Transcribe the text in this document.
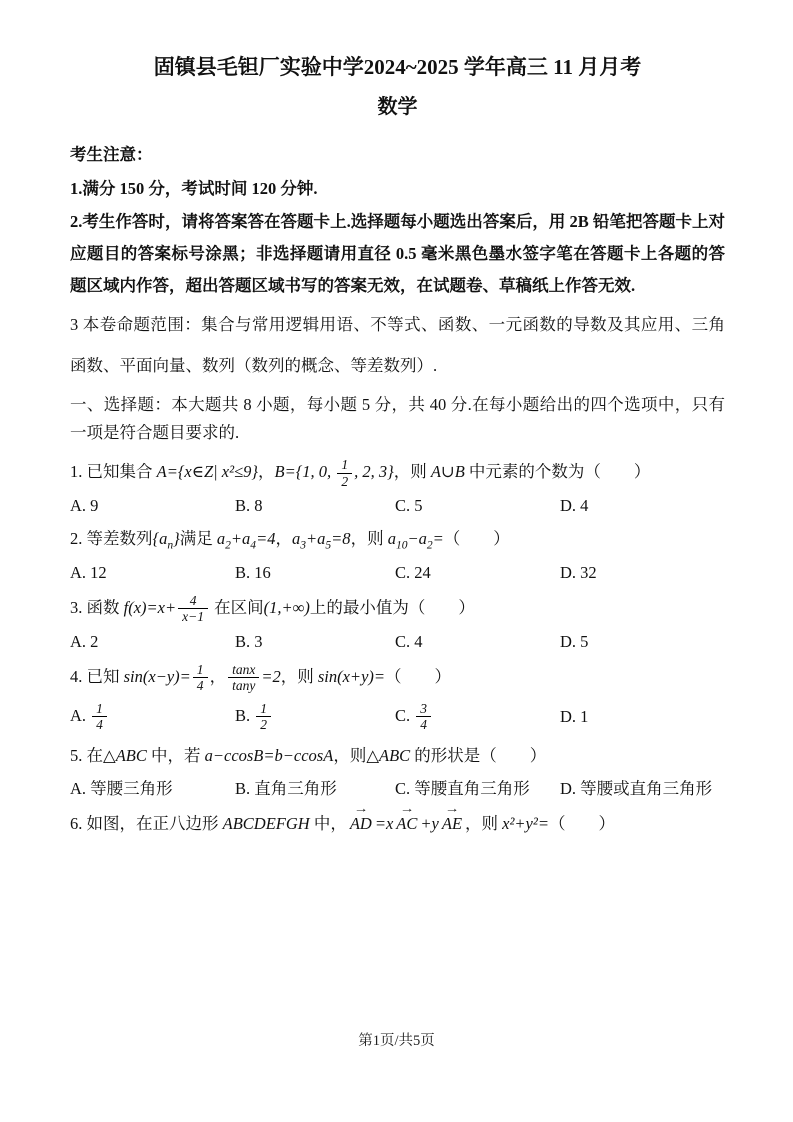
固镇县毛钽厂实验中学2024~2025 学年高三 11 月月考
数学

考生注意：

1.满分 150 分，考试时间 120 分钟.

2.考生作答时，请将答案答在答题卡上.选择题每小题选出答案后，用 2B 铅笔把答题卡上对应题目的答案标号涂黑；非选择题请用直径 0.5 毫米黑色墨水签字笔在答题卡上各题的答题区域内作答，超出答题区域书写的答案无效，在试题卷、草稿纸上作答无效.

3 本卷命题范围：集合与常用逻辑用语、不等式、函数、一元函数的导数及其应用、三角函数、平面向量、数列（数列的概念、等差数列）.

一、选择题：本大题共 8 小题，每小题 5 分，共 40 分.在每小题给出的四个选项中，只有一项是符合题目要求的.

1. 已知集合 A={x∈Z| x²≤9}，B={1, 0, $\frac{1}{2}$ , 2, 3}，则 A∪B 中元素的个数为（　　）

A. 9	B. 8	C. 5	D. 4

2. 等差数列$\{a_n\}$满足 $a_2+a_4=4$，$a_3+a_5=8$，则 $a_{10}-a_2=$（　　）

A. 12	B. 16	C. 24	D. 32

3. 函数 $f(x)=x+ \frac{4}{x-1}$ 在区间(1,+∞)上的最小值为（　　）

A. 2	B. 3	C. 4	D. 5

4. 已知 $\sin(x-y)= \frac{1}{4}$ ， $\frac{\tan x}{\tan y} =2$，则 sin(x+y)=（　　）

A. $\frac{1}{4}$	B. $\frac{1}{2}$	C. $\frac{3}{4}$	D. 1

5. 在△ABC 中，若 a−ccosB=b−ccosA，则△ABC 的形状是（　　）

A. 等腰三角形	B. 直角三角形	C. 等腰直角三角形	D. 等腰或直角三角形

6. 如图，在正八边形 ABCDEFGH 中， AD → =x AC → +y AE → ，则 x²+y²=（　　）

第1页/共5页
